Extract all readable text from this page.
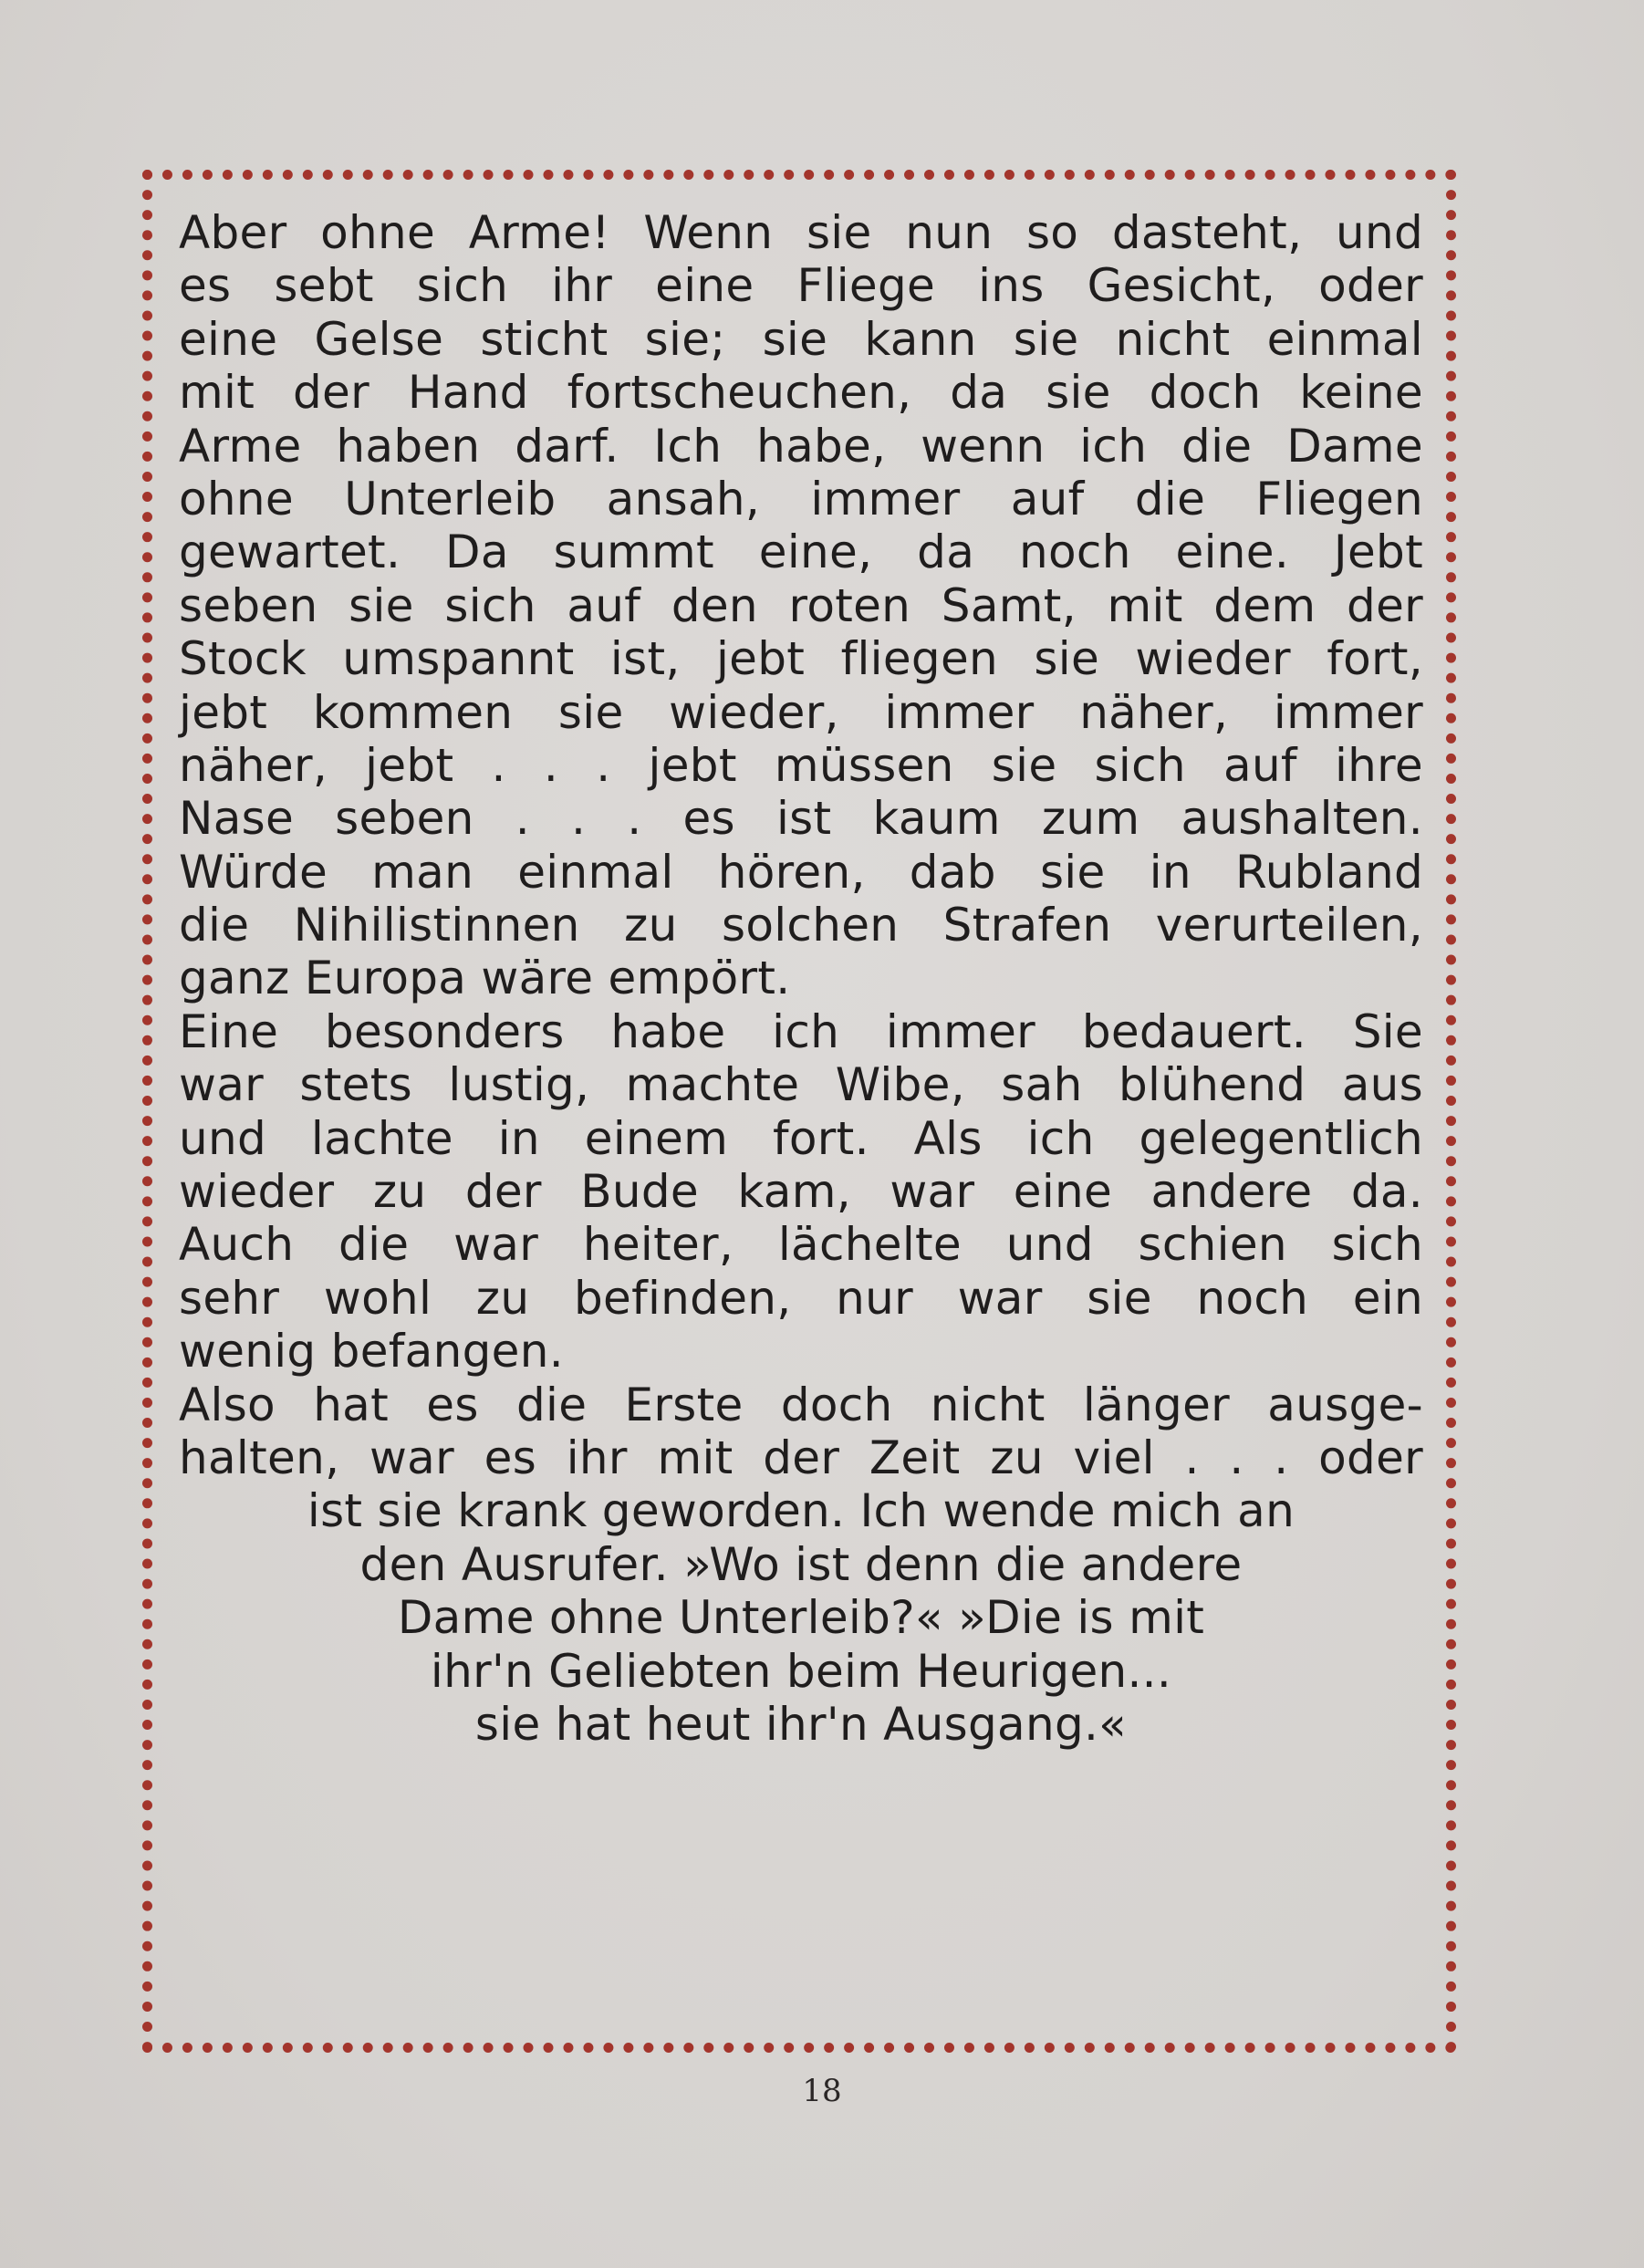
Aber ohne Arme! Wenn sie nun so dasteht, und
es sebt sich ihr eine Fliege ins Gesicht, oder
eine Gelse sticht sie; sie kann sie nicht einmal
mit der Hand fortscheuchen, da sie doch keine
Arme haben darf. Ich habe, wenn ich die Dame
ohne Unterleib ansah, immer auf die Fliegen
gewartet. Da summt eine, da noch eine. Jebt
seben sie sich auf den roten Samt, mit dem der
Stock umspannt ist, jebt fliegen sie wieder fort,
jebt kommen sie wieder, immer näher, immer
näher, jebt . . . jebt müssen sie sich auf ihre
Nase seben . . . es ist kaum zum aushalten.
Würde man einmal hören, dab sie in Rubland
die Nihilistinnen zu solchen Strafen verurteilen,
ganz Europa wäre empört.
Eine besonders habe ich immer bedauert. Sie
war stets lustig, machte Wibe, sah blühend aus
und lachte in einem fort. Als ich gelegentlich
wieder zu der Bude kam, war eine andere da.
Auch die war heiter, lächelte und schien sich
sehr wohl zu befinden, nur war sie noch ein
wenig befangen.
Also hat es die Erste doch nicht länger ausge-
halten, war es ihr mit der Zeit zu viel . . . oder
ist sie krank geworden. Ich wende mich an
den Ausrufer. »Wo ist denn die andere
Dame ohne Unterleib?« »Die is mit
ihr'n Geliebten beim Heurigen...
sie hat heut ihr'n Ausgang.«
18
